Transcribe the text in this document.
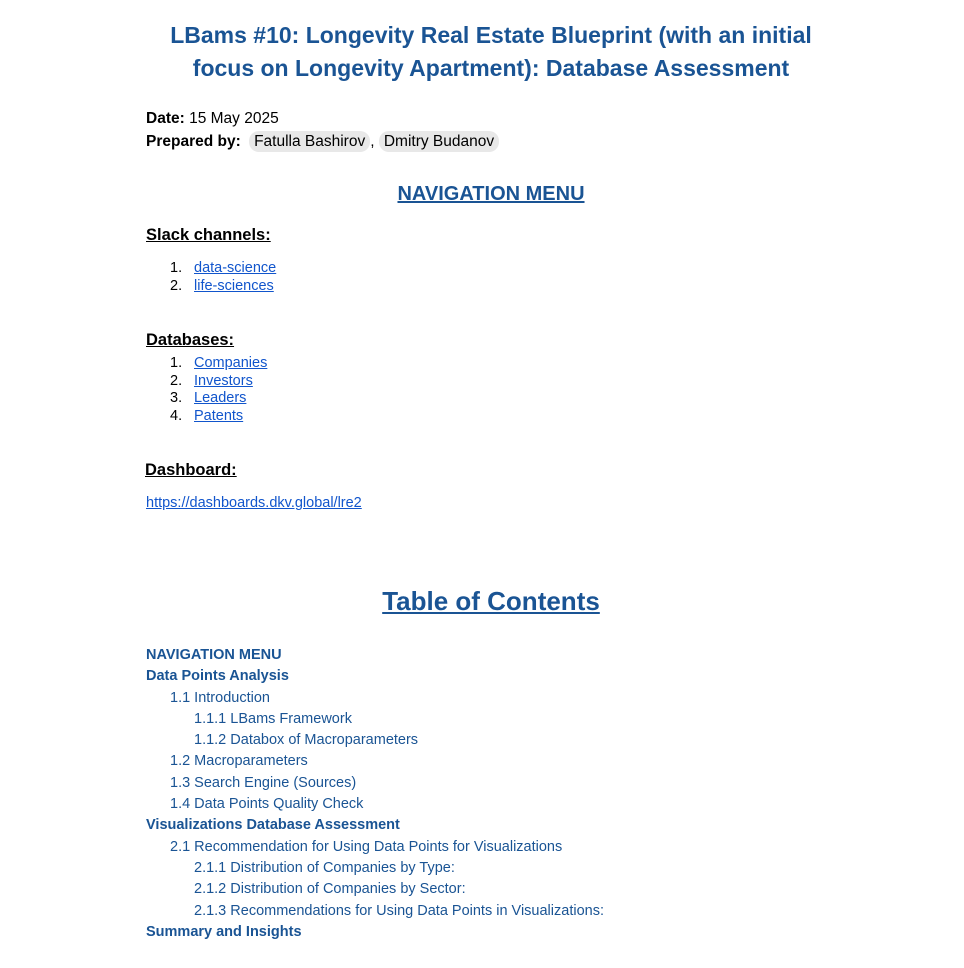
LBams #10: Longevity Real Estate Blueprint (with an initial
focus on Longevity Apartment): Database Assessment
Date: 15 May 2025
Prepared by: Fatulla Bashirov , Dmitry Budanov
NAVIGATION MENU
Slack channels:
1. data-science
2. life-sciences
Databases:
1. Companies
2. Investors
3. Leaders
4. Patents
Dashboard:
https://dashboards.dkv.global/lre2
Table of Contents
NAVIGATION MENU
Data Points Analysis
1.1 Introduction
1.1.1 LBams Framework
1.1.2 Databox of Macroparameters
1.2 Macroparameters
1.3 Search Engine (Sources)
1.4 Data Points Quality Check
Visualizations Database Assessment
2.1 Recommendation for Using Data Points for Visualizations
2.1.1 Distribution of Companies by Type:
2.1.2 Distribution of Companies by Sector:
2.1.3 Recommendations for Using Data Points in Visualizations:
Summary and Insights
